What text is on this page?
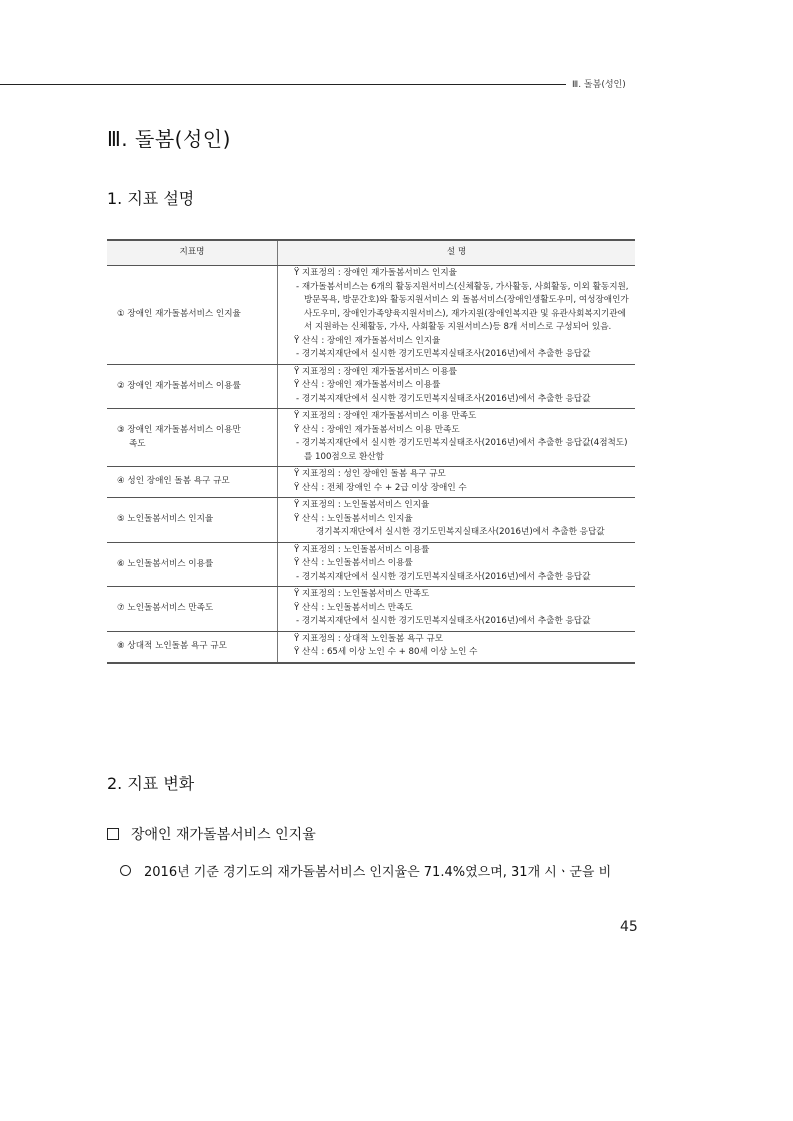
Ⅲ. 돌봄(성인)
Ⅲ. 돌봄(성인)
1. 지표 설명
지표명	설 명

① 장애인 재가돌봄서비스 인지율	Ÿ 지표정의 : 장애인 재가돌봄서비스 인지율
- 재가돌봄서비스는 6개의 활동지원서비스(신체활동, 가사활동, 사회활동, 이외 활동지원, 방문목욕, 방문간호)와 활동지원서비스 외 돌봄서비스(장애인생활도우미, 여성장애인가사도우미, 장애인가족양육지원서비스), 재가지원(장애인복지관 및 유관사회복지기관에서 지원하는 신체활동, 가사, 사회활동 지원서비스)등 8개 서비스로 구성되어 있음.
Ÿ 산식 : 장애인 재가돌봄서비스 인지율
- 경기복지재단에서 실시한 경기도민복지실태조사(2016년)에서 추출한 응답값

② 장애인 재가돌봄서비스 이용률	Ÿ 지표정의 : 장애인 재가돌봄서비스 이용률
Ÿ 산식 : 장애인 재가돌봄서비스 이용률
- 경기복지재단에서 실시한 경기도민복지실태조사(2016년)에서 추출한 응답값

③ 장애인 재가돌봄서비스 이용만
족도	Ÿ 지표정의 : 장애인 재가돌봄서비스 이용 만족도
Ÿ 산식 : 장애인 재가돌봄서비스 이용 만족도
- 경기복지재단에서 실시한 경기도민복지실태조사(2016년)에서 추출한 응답값(4점척도)를 100점으로 환산함

④ 성인 장애인 돌봄 욕구 규모	Ÿ 지표정의 : 성인 장애인 돌봄 욕구 규모
Ÿ 산식 : 전체 장애인 수 + 2급 이상 장애인 수

⑤ 노인돌봄서비스 인지율	Ÿ 지표정의 : 노인돌봄서비스 인지율
Ÿ 산식 : 노인돌봄서비스 인지율
경기복지재단에서 실시한 경기도민복지실태조사(2016년)에서 추출한 응답값

⑥ 노인돌봄서비스 이용률	Ÿ 지표정의 : 노인돌봄서비스 이용률
Ÿ 산식 : 노인돌봄서비스 이용률
- 경기복지재단에서 실시한 경기도민복지실태조사(2016년)에서 추출한 응답값

⑦ 노인돌봄서비스 만족도	Ÿ 지표정의 : 노인돌봄서비스 만족도
Ÿ 산식 : 노인돌봄서비스 만족도
- 경기복지재단에서 실시한 경기도민복지실태조사(2016년)에서 추출한 응답값

⑧ 상대적 노인돌봄 욕구 규모	Ÿ 지표정의 : 상대적 노인돌봄 욕구 규모
Ÿ 산식 : 65세 이상 노인 수 + 80세 이상 노인 수
2. 지표 변화
장애인 재가돌봄서비스 인지율
2016년 기준 경기도의 재가돌봄서비스 인지율은 71.4%였으며, 31개 시ㆍ군을 비
45
